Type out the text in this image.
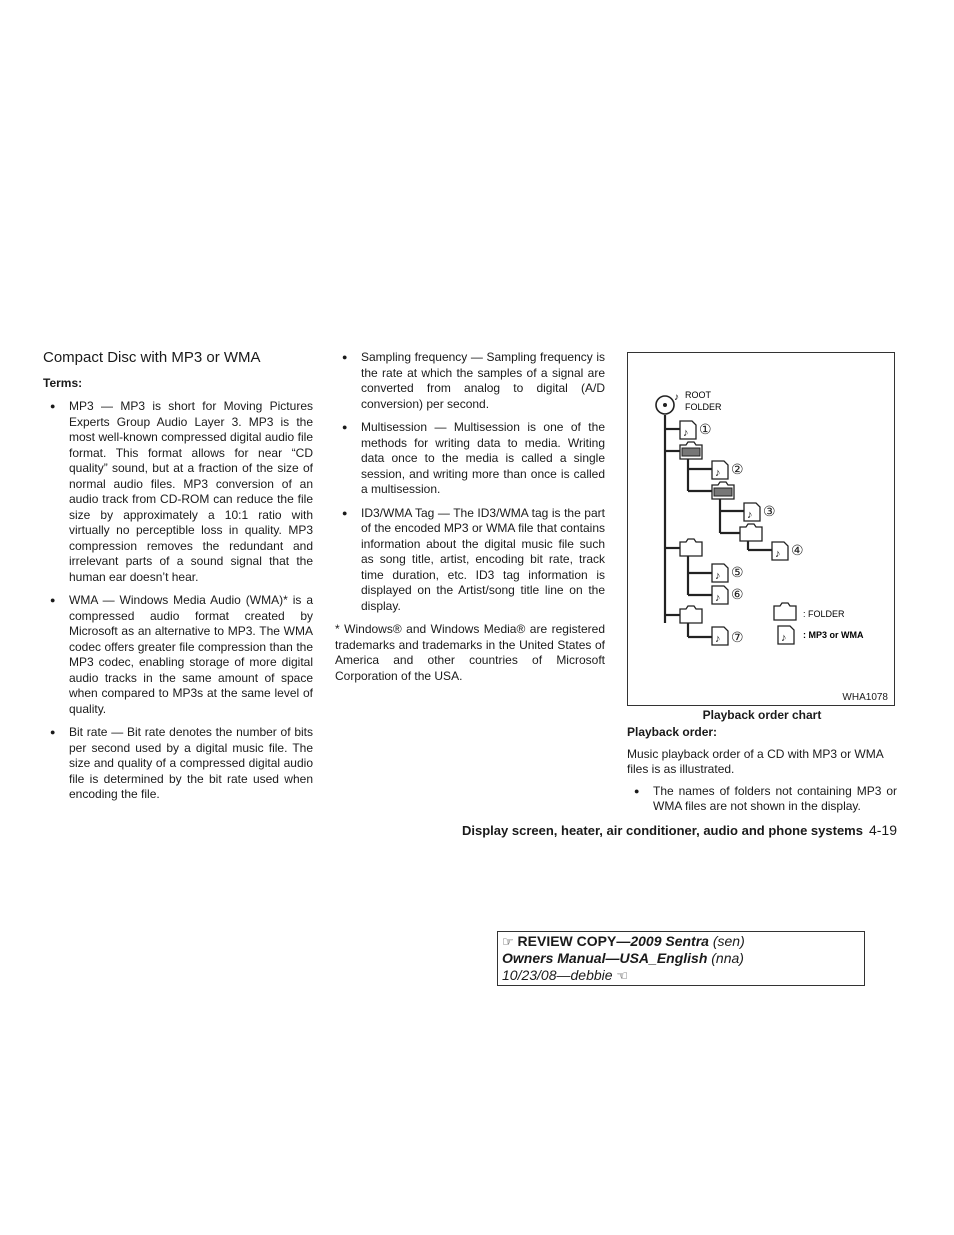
Compact Disc with MP3 or WMA
Terms:
● MP3 — MP3 is short for Moving Pictures Experts Group Audio Layer 3. MP3 is the most well-known compressed digital audio file format. This format allows for near “CD quality” sound, but at a fraction of the size of normal audio files. MP3 conversion of an audio track from CD-ROM can reduce the file size by approximately a 10:1 ratio with virtually no perceptible loss in quality. MP3 compression removes the redundant and irrelevant parts of a sound signal that the human ear doesn’t hear.
● WMA — Windows Media Audio (WMA)* is a compressed audio format created by Microsoft as an alternative to MP3. The WMA codec offers greater file compression than the MP3 codec, enabling storage of more digital audio tracks in the same amount of space when compared to MP3s at the same level of quality.
● Bit rate — Bit rate denotes the number of bits per second used by a digital music file. The size and quality of a compressed digital audio file is determined by the bit rate used when encoding the file.
● Sampling frequency — Sampling frequency is the rate at which the samples of a signal are converted from analog to digital (A/D conversion) per second.
● Multisession — Multisession is one of the methods for writing data to media. Writing data once to the media is called a single session, and writing more than once is called a multisession.
● ID3/WMA Tag — The ID3/WMA tag is the part of the encoded MP3 or WMA file that contains information about the digital music file such as song title, artist, encoding bit rate, track time duration, etc. ID3 tag information is displayed on the Artist/song title line on the display.

* Windows® and Windows Media® are registered trademarks and trademarks in the United States of America and other countries of Microsoft Corporation of the USA.

♪ ROOT
FOLDER
♪
♪
♪
♪
♪
♪
♪	♪
①
②
③
④
⑤
⑥
⑦
: FOLDER
: MP3 or WMA
WHA1078
Playback order chart
Playback order:

Music playback order of a CD with MP3 or WMA files is as illustrated.

● The names of folders not containing MP3 or WMA files are not shown in the display.
Display screen, heater, air conditioner, audio and phone systems 4-19
☞ REVIEW COPY—2009 Sentra (sen)
Owners Manual—USA_English (nna)
10/23/08—debbie ☜
